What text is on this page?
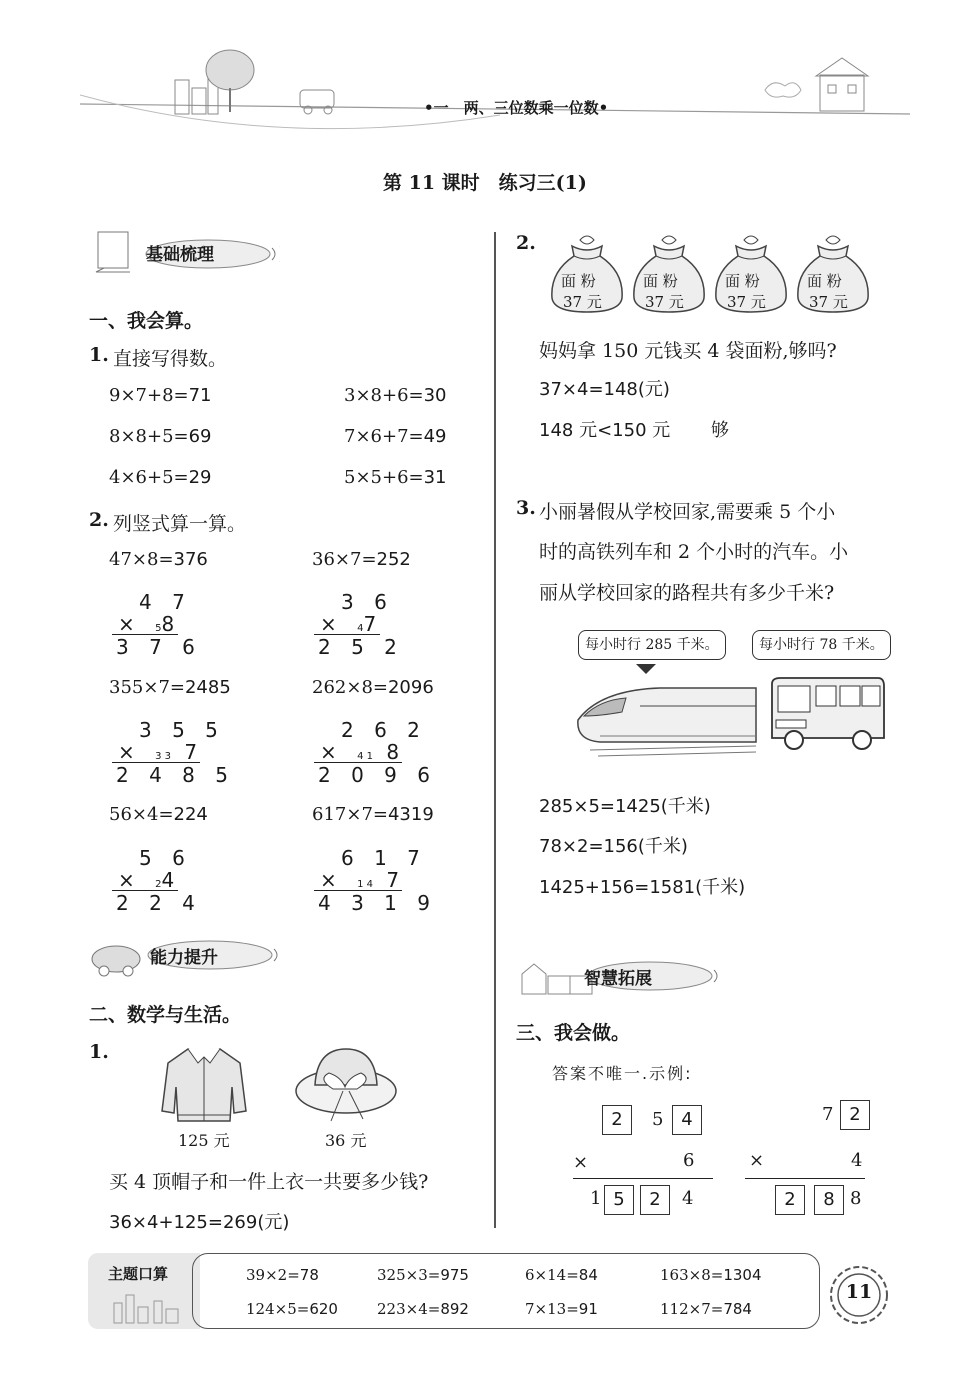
•一　两、三位数乘一位数•
第 11 课时　练习三(1)
基础梳理
一、我会算。
1. 直接写得数。
9×7+8=71	3×8+6=30
8×8+5=69	7×6+7=49
4×6+5=29	5×5+6=31
2. 列竖式算一算。
47×8=376
4 7
× 58
3 7 6
36×7=252
3 6
× 47
2 5 2
355×7=2485
3 5 5
× 3 3 7
2 4 8 5
262×8=2096
2 6 2
× 4 1 8
2 0 9 6
56×4=224
5 6
× 24
2 2 4
617×7=4319
6 1 7
× 1 4 7
4 3 1 9
能力提升
二、数学与生活。
1.
125 元	36 元
买 4 顶帽子和一件上衣一共要多少钱?
36×4+125=269(元)
2.
面 粉
37 元
面 粉
37 元
面 粉
37 元
面 粉
37 元
妈妈拿 150 元钱买 4 袋面粉,够吗?
37×4=148(元)
148 元<150 元 够
3. 小丽暑假从学校回家,需要乘 5 个小
时的高铁列车和 2 个小时的汽车。小
丽从学校回家的路程共有多少千米?
每小时行 285 千米。	每小时行 78 千米。
285×5=1425(千米)
78×2=156(千米)
1425+156=1581(千米)
智慧拓展
三、我会做。
答案不唯一.示例:
2	5 4
×	6
1 5	2	4
7 2
×	4
2	8 8
主题口算	39×2=78	325×3=975	6×14=84	163×8=1304
124×5=620	223×4=892	7×13=91	112×7=784
11
